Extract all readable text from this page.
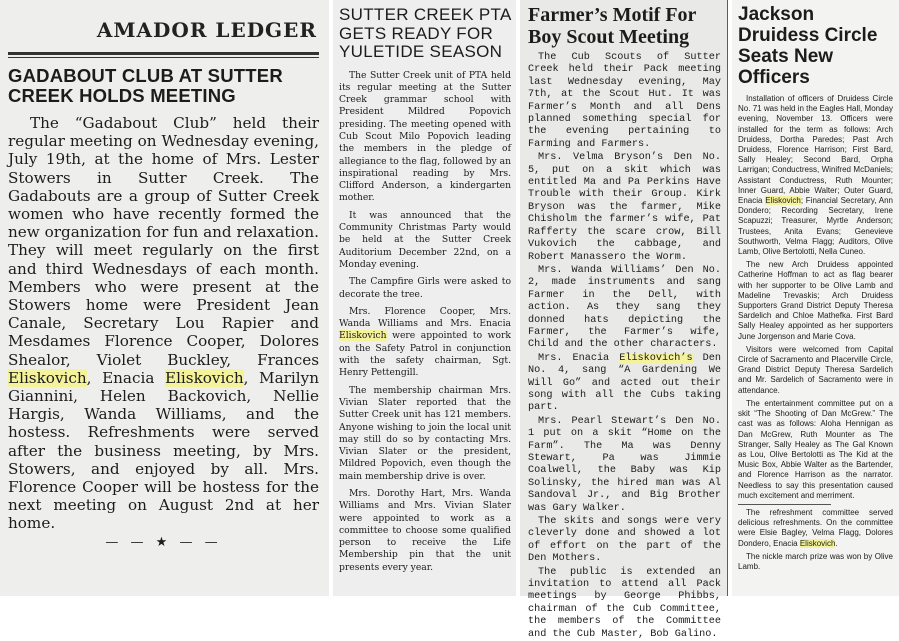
AMADOR LEDGER
GADABOUT CLUB AT SUTTER CREEK HOLDS MEETING

The “Gadabout Club” held their regular meeting on Wednesday evening, July 19th, at the home of Mrs. Lester Stowers in Sutter Creek. The Gadabouts are a group of Sutter Creek women who have recently formed the new organization for fun and relaxation. They will meet regularly on the first and third Wednesdays of each month. Members who were present at the Stowers home were President Jean Canale, Secretary Lou Rapier and Mesdames Florence Cooper, Dolores Shealor, Violet Buckley, Frances Eliskovich, Enacia Eliskovich, Marilyn Giannini, Helen Backovich, Nellie Hargis, Wanda Williams, and the hostess. Refreshments were served after the business meeting, by Mrs. Stowers, and enjoyed by all. Mrs. Florence Cooper will be hostess for the next meeting on August 2nd at her home.

— — ★ — —
SUTTER CREEK PTA GETS READY FOR YULETIDE SEASON

The Sutter Creek unit of PTA held its regular meeting at the Sutter Creek grammar school with President Mildred Popovich presiding. The meeting opened with Cub Scout Milo Popovich leading the members in the pledge of allegiance to the flag, followed by an inspirational reading by Mrs. Clifford Anderson, a kindergarten mother.

It was announced that the Community Christmas Party would be held at the Sutter Creek Auditorium December 22nd, on a Monday evening.

The Campfire Girls were asked to decorate the tree.

Mrs. Florence Cooper, Mrs. Wanda Williams and Mrs. Enacia Eliskovich were appointed to work on the Safety Patrol in conjunction with the safety chairman, Sgt. Henry Pettengill.

The membership chairman Mrs. Vivian Slater reported that the Sutter Creek unit has 121 members. Anyone wishing to join the local unit may still do so by contacting Mrs. Vivian Slater or the president, Mildred Popovich, even though the main membership drive is over.

Mrs. Dorothy Hart, Mrs. Wanda Williams and Mrs. Vivian Slater were appointed to work as a committee to choose some qualified person to receive the Life Membership pin that the unit presents every year.

Farmer’s Motif For Boy Scout Meeting

The Cub Scouts of Sutter Creek held their Pack meeting last Wednesday evening, May 7th, at the Scout Hut. It was Farmer’s Month and all Dens planned something special for the evening pertaining to Farming and Farmers.

Mrs. Velma Bryson’s Den No. 5, put on a skit which was entitled Ma and Pa Perkins Have Trouble with their Group. Kirk Bryson was the farmer, Mike Chisholm the farmer’s wife, Pat Rafferty the scare crow, Bill Vukovich the cabbage, and Robert Manassero the Worm.

Mrs. Wanda Williams’ Den No. 2, made instruments and sang Farmer in the Dell, with action. As they sang they donned hats depicting the Farmer, the Farmer’s wife, Child and the other characters.

Mrs. Enacia Eliskovich’s Den No. 4, sang “A Gardening We Will Go” and acted out their song with all the Cubs taking part.

Mrs. Pearl Stewart’s Den No. 1 put on a skit “Home on the Farm”. The Ma was Denny Stewart, Pa was Jimmie Coalwell, the Baby was Kip Solinsky, the hired man was Al Sandoval Jr., and Big Brother was Gary Walker.

The skits and songs were very cleverly done and showed a lot of effort on the part of the Den Mothers.

The public is extended an invitation to attend all Pack meetings by George Phibbs, chairman of the Cub Committee, the members of the Committee and the Cub Master, Bob Galino.

Jackson Druidess Circle Seats New Officers

Installation of officers of Druidess Circle No. 71 was held in the Eagles Hall, Monday evening, November 13. Officers were installed for the term as follows: Arch Druidess, Dortha Paredes; Past Arch Druidess, Florence Harrison; First Bard, Sally Healey; Second Bard, Orpha Larrigan; Conductress, Winifred McDaniels; Assistant Conductress, Ruth Mounter; Inner Guard, Abbie Walter; Outer Guard, Enacia Eliskovich; Financial Secretary, Ann Dondero; Recording Secretary, Irene Scapuzzi; Treasurer, Myrtle Anderson; Trustees, Anita Evans; Genevieve Southworth, Velma Flagg; Auditors, Olive Lamb, Olive Bertolotti, Nella Cuneo.

The new Arch Druidess appointed Catherine Hoffman to act as flag bearer with her supporter to be Olive Lamb and Madeline Trevaskis; Arch Druidess Supporters Grand District Deputy Theresa Sardelich and Chloe Mathefka. First Bard Sally Healey appointed as her supporters June Jorgenson and Marie Cova.

Visitors were welcomed from Capital Circle of Sacramento and Placerville Circle, Grand District Deputy Theresa Sardelich and Mr. Sardelich of Sacramento were in attendance.

The entertainment committee put on a skit “The Shooting of Dan McGrew.” The cast was as follows: Aloha Hennigan as Dan McGrew, Ruth Mounter as The Stranger, Sally Healey as The Gal Known as Lou, Olive Bertolotti as The Kid at the Music Box, Abbie Walter as the Bartender, and Florence Harrison as the narrator. Needless to say this presentation caused much excitement and merriment.

The refreshment committee served delicious refreshments. On the committee were Elsie Bagley, Velma Flagg, Dolores Dondero, Enacia Eliskovich.

The nickle march prize was won by Olive Lamb.
